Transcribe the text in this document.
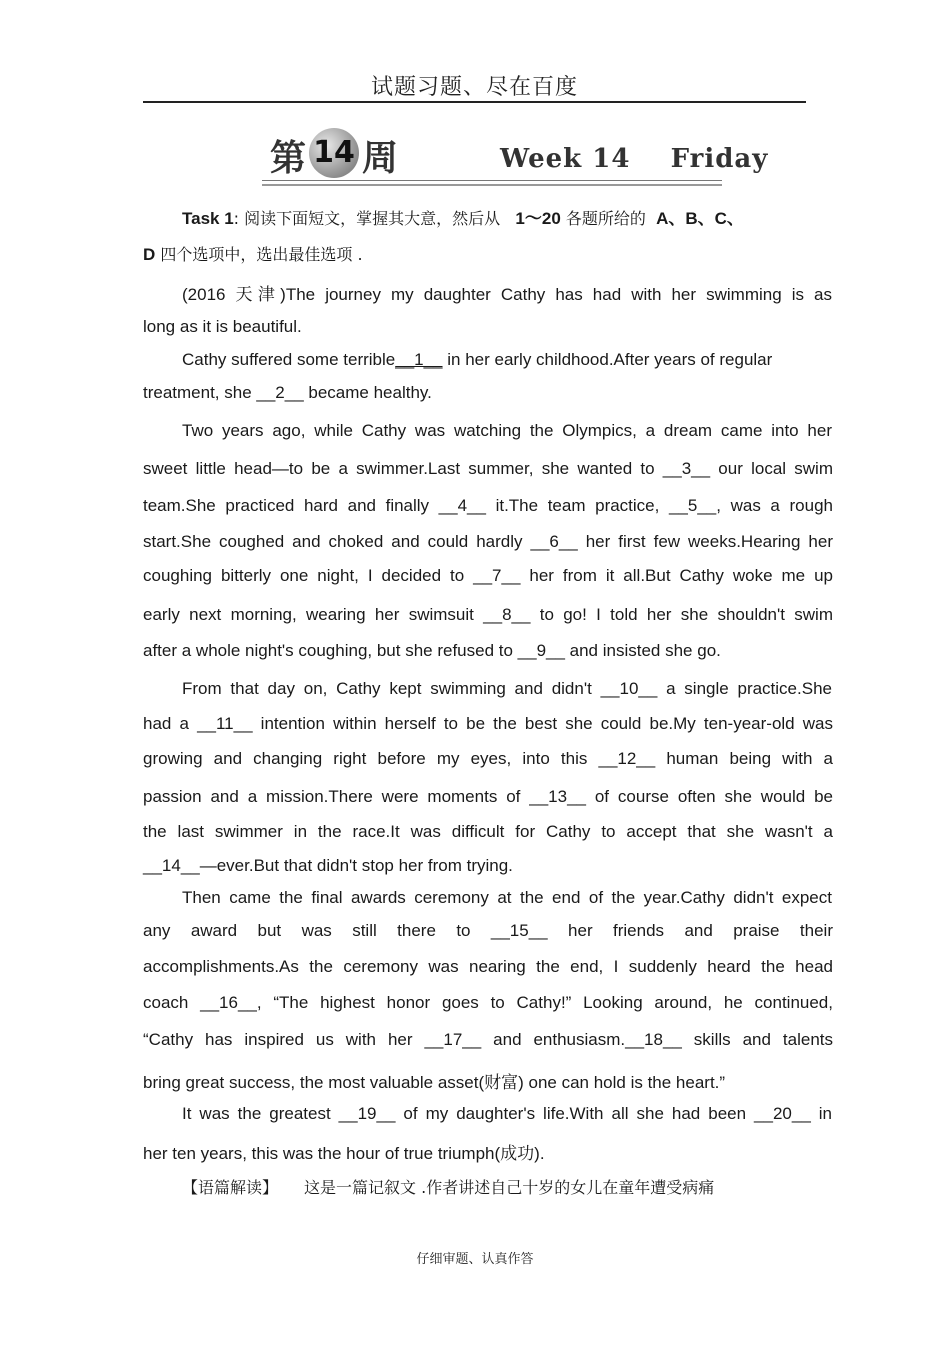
试题习题、尽在百度
第 14 周	Week 14    Friday
Task 1: 阅读下面短文，掌握其大意，然后从   1～20 各题所给的  A、B、C、
D 四个选项中，选出最佳选项 .
(2016 天津)The journey my daughter Cathy has had with her swimming is as
long as it is beautiful.
Cathy suffered some terrible__1__ in her early childhood.After years of regular
treatment, she __2__ became healthy.
Two years ago, while Cathy was watching the Olympics, a dream came into her
sweet little head—to be a swimmer.Last summer, she wanted to __3__ our local swim
team.She practiced hard and finally __4__ it.The team practice, __5__, was a rough
start.She coughed and choked and could hardly __6__ her first few weeks.Hearing her
coughing bitterly one night, I decided to __7__ her from it all.But Cathy woke me up
early next morning, wearing her swimsuit __8__ to go! I told her she shouldn't swim
after a whole night's coughing, but she refused to __9__ and insisted she go.
From that day on, Cathy kept swimming and didn't __10__ a single practice.She
had a __11__ intention within herself to be the best she could be.My ten-year-old was
growing and changing right before my eyes, into this __12__ human being with a
passion and a mission.There were moments of __13__ of course often she would be
the last swimmer in the race.It was difficult for Cathy to accept that she wasn't a
__14__—ever.But that didn't stop her from trying.
Then came the final awards ceremony at the end of the year.Cathy didn't expect
any award but was still there to __15__ her friends and praise their
accomplishments.As the ceremony was nearing the end, I suddenly heard the head
coach __16__, “The highest honor goes to Cathy!” Looking around, he continued,
“Cathy has inspired us with her __17__ and enthusiasm.__18__ skills and talents
bring great success, the most valuable asset(财富) one can hold is the heart.”
It was the greatest __19__ of my daughter's life.With all she had been __20__ in
her ten years, this was the hour of true triumph(成功).
【语篇解读】 这是一篇记叙文 .作者讲述自己十岁的女儿在童年遭受病痛
仔细审题、认真作答
